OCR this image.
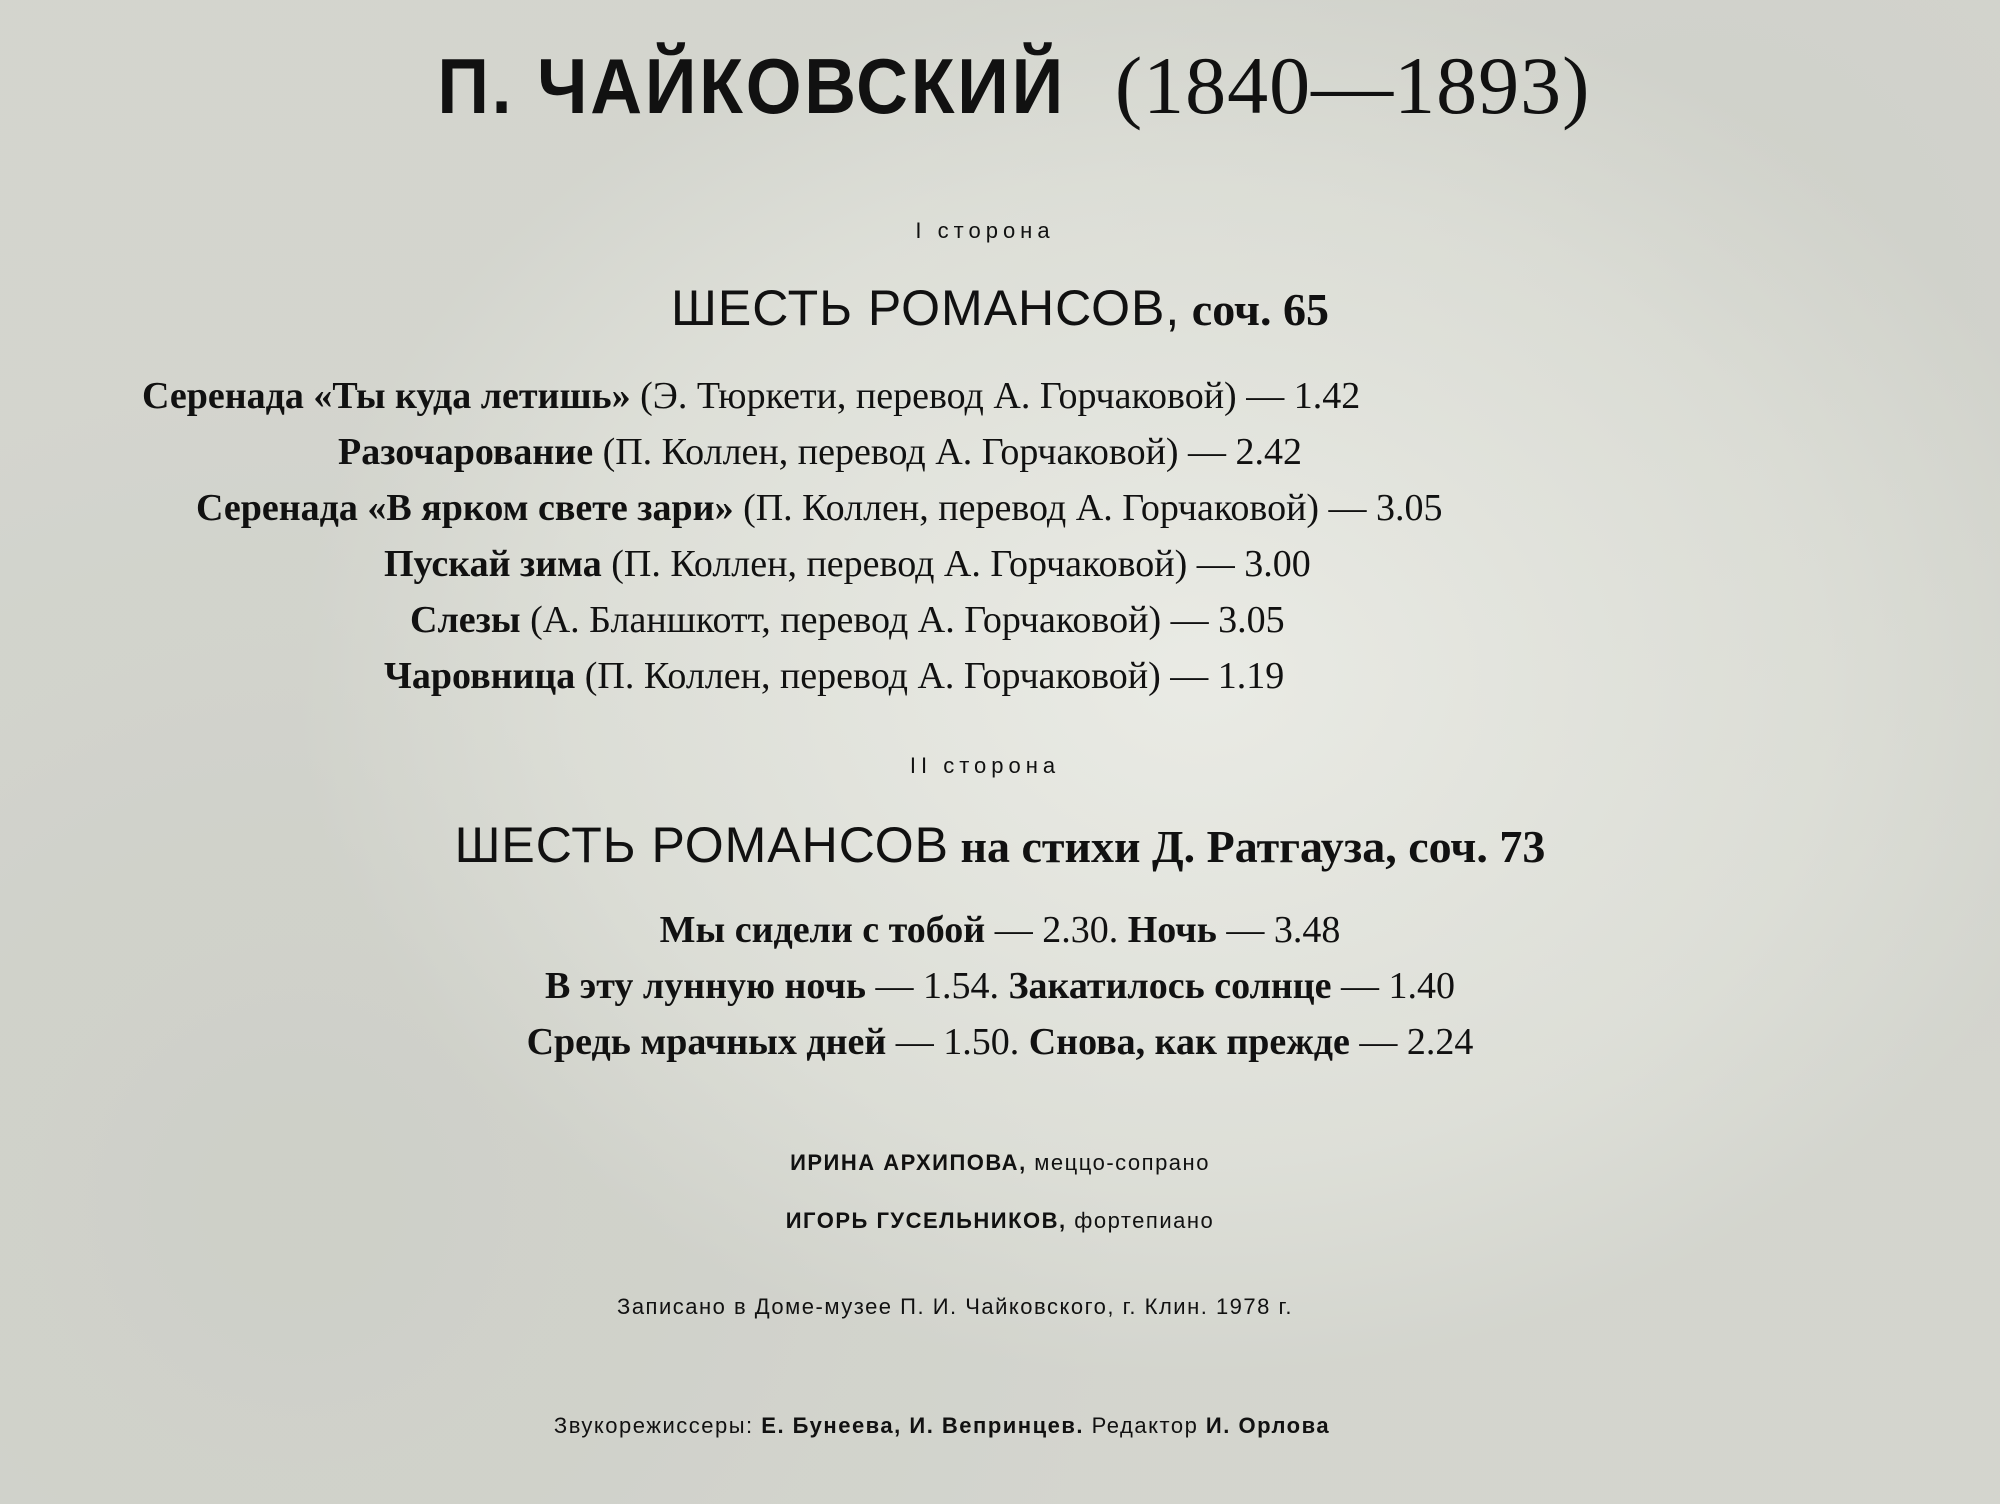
П. ЧАЙКОВСКИЙ (1840—1893)
I сторона
ШЕСТЬ РОМАНСОВ, соч. 65
Серенада «Ты куда летишь» (Э. Тюркети, перевод А. Горчаковой) — 1.42
Разочарование (П. Коллен, перевод А. Горчаковой) — 2.42
Серенада «В ярком свете зари» (П. Коллен, перевод А. Горчаковой) — 3.05
Пускай зима (П. Коллен, перевод А. Горчаковой) — 3.00
Слезы (А. Бланшкотт, перевод А. Горчаковой) — 3.05
Чаровница (П. Коллен, перевод А. Горчаковой) — 1.19
II сторона
ШЕСТЬ РОМАНСОВ на стихи Д. Ратгауза, соч. 73
Мы сидели с тобой — 2.30. Ночь — 3.48
В эту лунную ночь — 1.54. Закатилось солнце — 1.40
Средь мрачных дней — 1.50. Снова, как прежде — 2.24
ИРИНА АРХИПОВА, меццо-сопрано
ИГОРЬ ГУСЕЛЬНИКОВ, фортепиано
Записано в Доме-музее П. И. Чайковского, г. Клин. 1978 г.
Звукорежиссеры: Е. Бунеева, И. Вепринцев. Редактор И. Орлова
